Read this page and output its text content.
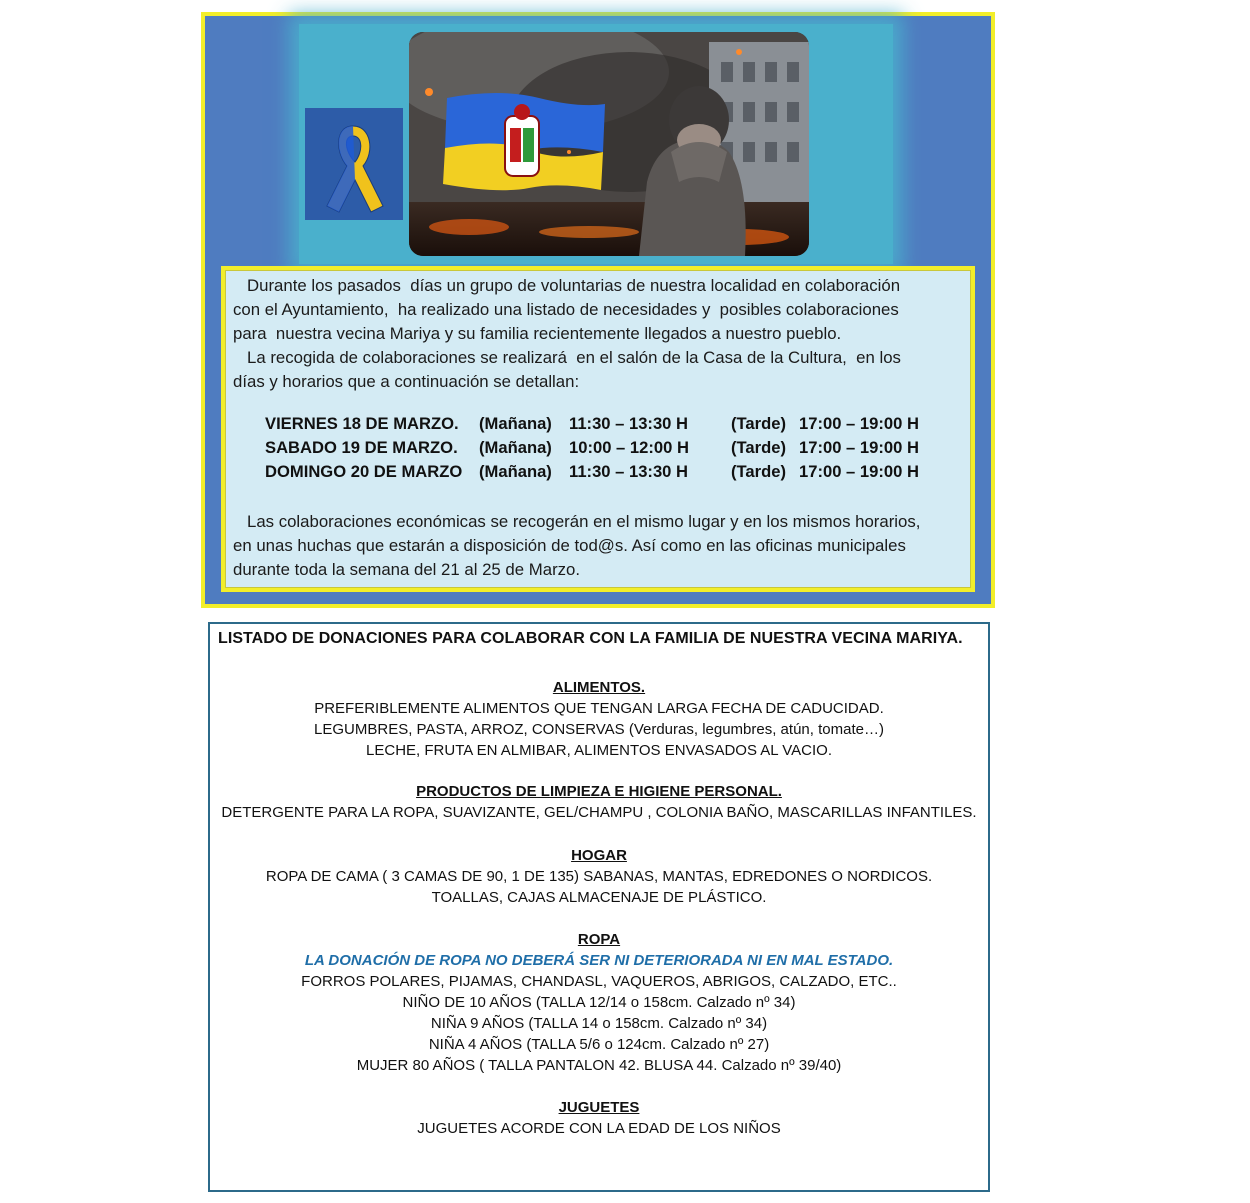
Durante los pasados  días un grupo de voluntarias de nuestra localidad en colaboración

con el Ayuntamiento,  ha realizado una listado de necesidades y  posibles colaboraciones

para  nuestra vecina Mariya y su familia recientemente llegados a nuestro pueblo.

La recogida de colaboraciones se realizará  en el salón de la Casa de la Cultura,  en los

días y horarios que a continuación se detallan:

VIERNES 18 DE MARZO. (Mañana) 11:30 – 13:30 H	(Tarde) 17:00 – 19:00 H
SABADO 19 DE MARZO. (Mañana) 10:00 – 12:00 H	(Tarde) 17:00 – 19:00 H
DOMINGO 20 DE MARZO (Mañana) 11:30 – 13:30 H	(Tarde) 17:00 – 19:00 H

Las colaboraciones económicas se recogerán en el mismo lugar y en los mismos horarios,

en unas huchas que estarán a disposición de tod@s. Así como en las oficinas municipales

durante toda la semana del 21 al 25 de Marzo.

LISTADO DE DONACIONES PARA COLABORAR CON LA FAMILIA DE NUESTRA VECINA MARIYA.
ALIMENTOS.

PREFERIBLEMENTE ALIMENTOS QUE TENGAN LARGA FECHA DE CADUCIDAD.

LEGUMBRES, PASTA, ARROZ, CONSERVAS (Verduras, legumbres, atún, tomate…)

LECHE, FRUTA EN ALMIBAR, ALIMENTOS ENVASADOS AL VACIO.

PRODUCTOS DE LIMPIEZA E HIGIENE PERSONAL.

DETERGENTE PARA LA ROPA, SUAVIZANTE, GEL/CHAMPU , COLONIA BAÑO, MASCARILLAS INFANTILES.

HOGAR

ROPA DE CAMA ( 3 CAMAS DE 90, 1 DE 135) SABANAS, MANTAS, EDREDONES O NORDICOS.

TOALLAS, CAJAS ALMACENAJE DE PLÁSTICO.

ROPA

LA DONACIÓN DE ROPA NO DEBERÁ SER NI DETERIORADA NI EN MAL ESTADO.

FORROS POLARES, PIJAMAS, CHANDASL, VAQUEROS, ABRIGOS, CALZADO, ETC..

NIÑO DE 10 AÑOS (TALLA 12/14 o 158cm. Calzado nº 34)

NIÑA 9 AÑOS (TALLA 14 o 158cm. Calzado nº 34)

NIÑA 4 AÑOS (TALLA 5/6 o 124cm. Calzado nº 27)

MUJER 80 AÑOS ( TALLA PANTALON 42. BLUSA 44. Calzado nº 39/40)

JUGUETES

JUGUETES ACORDE CON LA EDAD DE LOS NIÑOS
